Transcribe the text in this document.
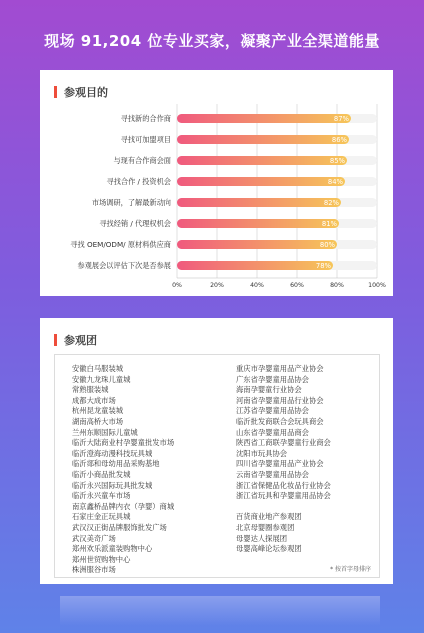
现场 91,204 位专业买家，凝聚产业全渠道能量
参观目的
87%
寻找新的合作商
86%
寻找可加盟项目
85%
与现有合作商会面
84%
寻找合作 / 投资机会
82%
市场调研，了解最新动向
81%
寻找经销 / 代理权机会
80%
寻找 OEM/ODM/ 原材料供应商
78%
参观展会以评估下次是否参展
0%	20%	40%	60%	80%	100%
参观团
安徽白马服装城
安徽九龙珠儿童城
常熟服装城
成都大成市场
杭州昆龙童装城
湖南高桥大市场
兰州东顺国际儿童城
临沂大陆商业村孕婴童批发市场
临沂澄海动漫科技玩具城
临沂郯和母幼用品采购基地
临沂小商品批发城
临沂永兴国际玩具批发城
临沂永兴童车市场
南京鑫桥品牌内衣（孕婴）商城
石家庄金正玩具城
武汉汉正街品牌服饰批发广场
武汉美奇广场
郑州欢乐派童装购物中心
郑州世贸购物中心
株洲服谷市场
重庆市孕婴童用品产业协会
广东省孕婴童用品协会
海南孕婴童行业协会
河南省孕婴童用品行业协会
江苏省孕婴童用品协会
临沂批发商联合会玩具商会
山东省孕婴童用品商会
陕西省工商联孕婴童行业商会
沈阳市玩具协会
四川省孕婴童用品产业协会
云南省孕婴童用品协会
浙江省保健品化妆品行业协会
浙江省玩具和孕婴童用品协会

百货商业地产参观团
北京母婴圈参观团
母婴达人探展团
母婴高峰论坛参观团
* 按首字母排序
